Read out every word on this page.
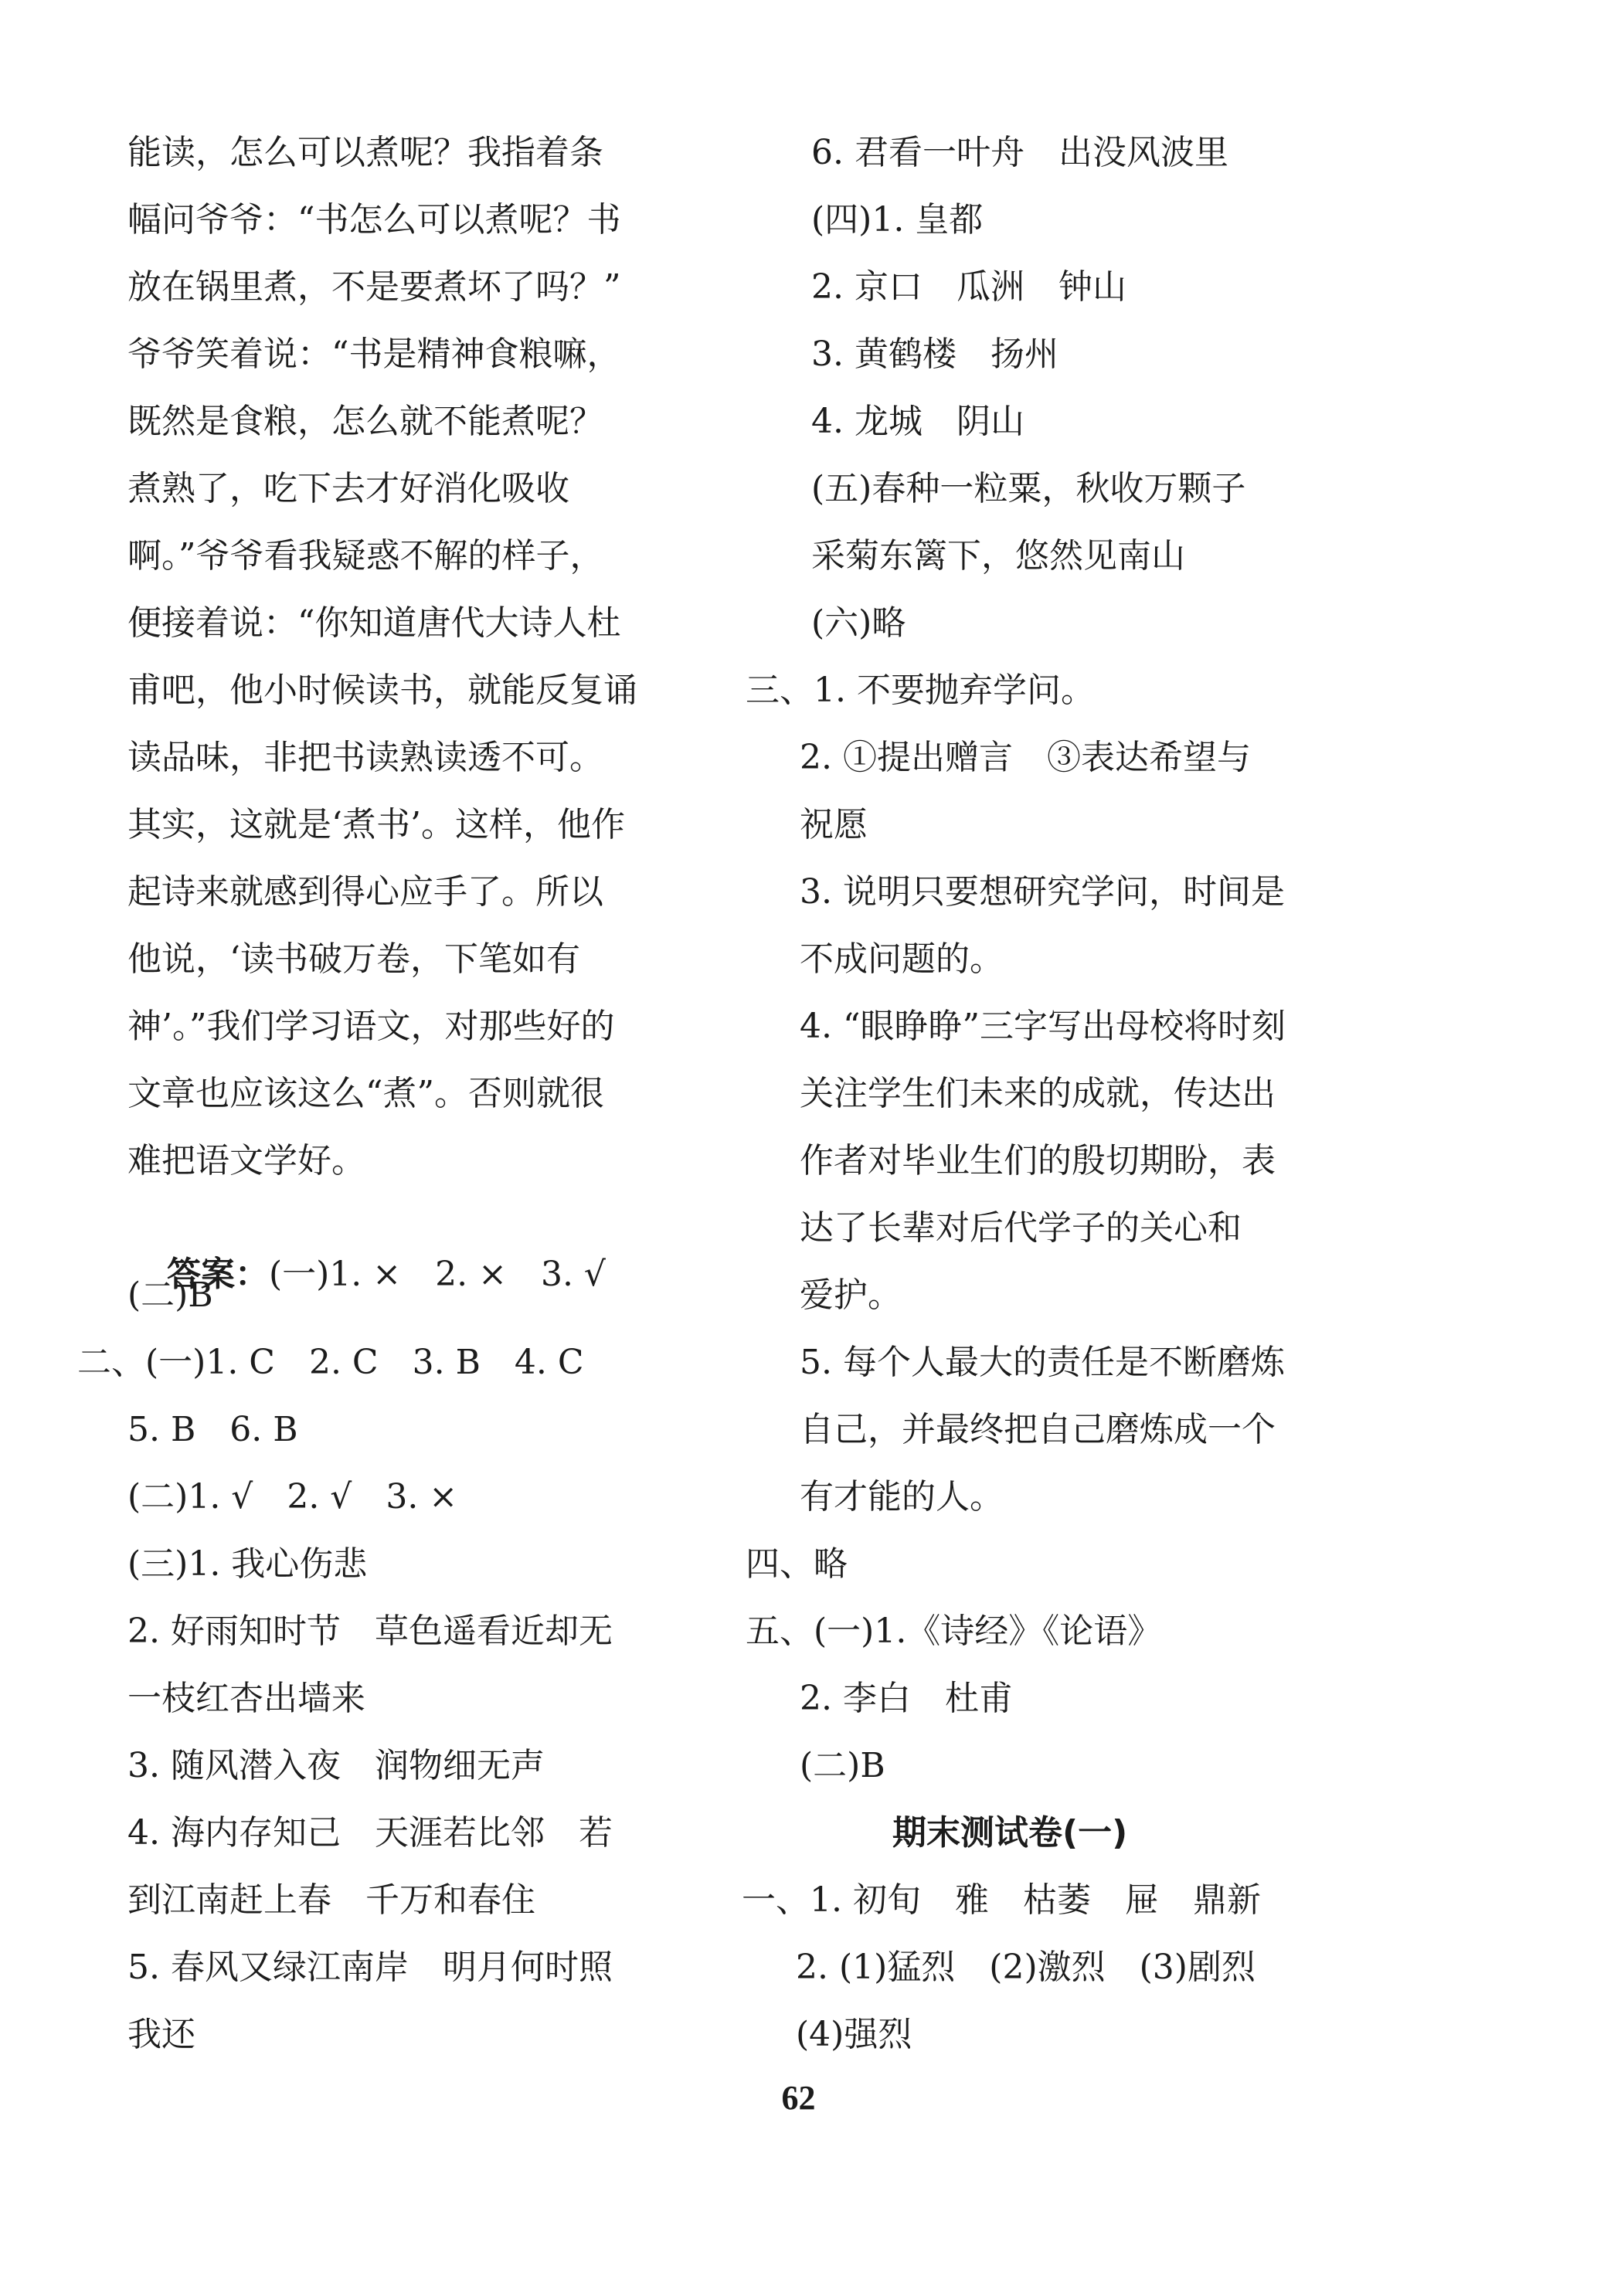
能读，怎么可以煮呢？我指着条
幅问爷爷：“书怎么可以煮呢？书
放在锅里煮，不是要煮坏了吗？”
爷爷笑着说：“书是精神食粮嘛，
既然是食粮，怎么就不能煮呢？
煮熟了，吃下去才好消化吸收
啊。”爷爷看我疑惑不解的样子，
便接着说：“你知道唐代大诗人杜
甫吧，他小时候读书，就能反复诵
读品味，非把书读熟读透不可。
其实，这就是‘煮书’。这样，他作
起诗来就感到得心应手了。所以
他说，‘读书破万卷，下笔如有
神’。”我们学习语文，对那些好的
文章也应该这么“煮”。否则就很
难把语文学好。

答案：(一)1. ×　2. ×　3. √

(二)B
二、(一)1. C　2. C　3. B　4. C
5. B　6. B
(二)1. √　2. √　3. ×
(三)1. 我心伤悲
2. 好雨知时节　草色遥看近却无
一枝红杏出墙来
3. 随风潜入夜　润物细无声
4. 海内存知己　天涯若比邻　若
到江南赶上春　千万和春住
5. 春风又绿江南岸　明月何时照
我还
6. 君看一叶舟　出没风波里
(四)1. 皇都
2. 京口　瓜洲　钟山
3. 黄鹤楼　扬州
4. 龙城　阴山
(五)春种一粒粟，秋收万颗子
采菊东篱下，悠然见南山
(六)略
三、1. 不要抛弃学问。
2. ①提出赠言　③表达希望与
祝愿
3. 说明只要想研究学问，时间是
不成问题的。
4. “眼睁睁”三字写出母校将时刻
关注学生们未来的成就，传达出
作者对毕业生们的殷切期盼，表
达了长辈对后代学子的关心和
爱护。
5. 每个人最大的责任是不断磨炼
自己，并最终把自己磨炼成一个
有才能的人。
四、略
五、(一)1.《诗经》《论语》
2. 李白　杜甫
(二)B
期末测试卷(一)
一、1. 初旬　雅　枯萎　屉　鼎新
2. (1)猛烈　(2)激烈　(3)剧烈
(4)强烈
62
